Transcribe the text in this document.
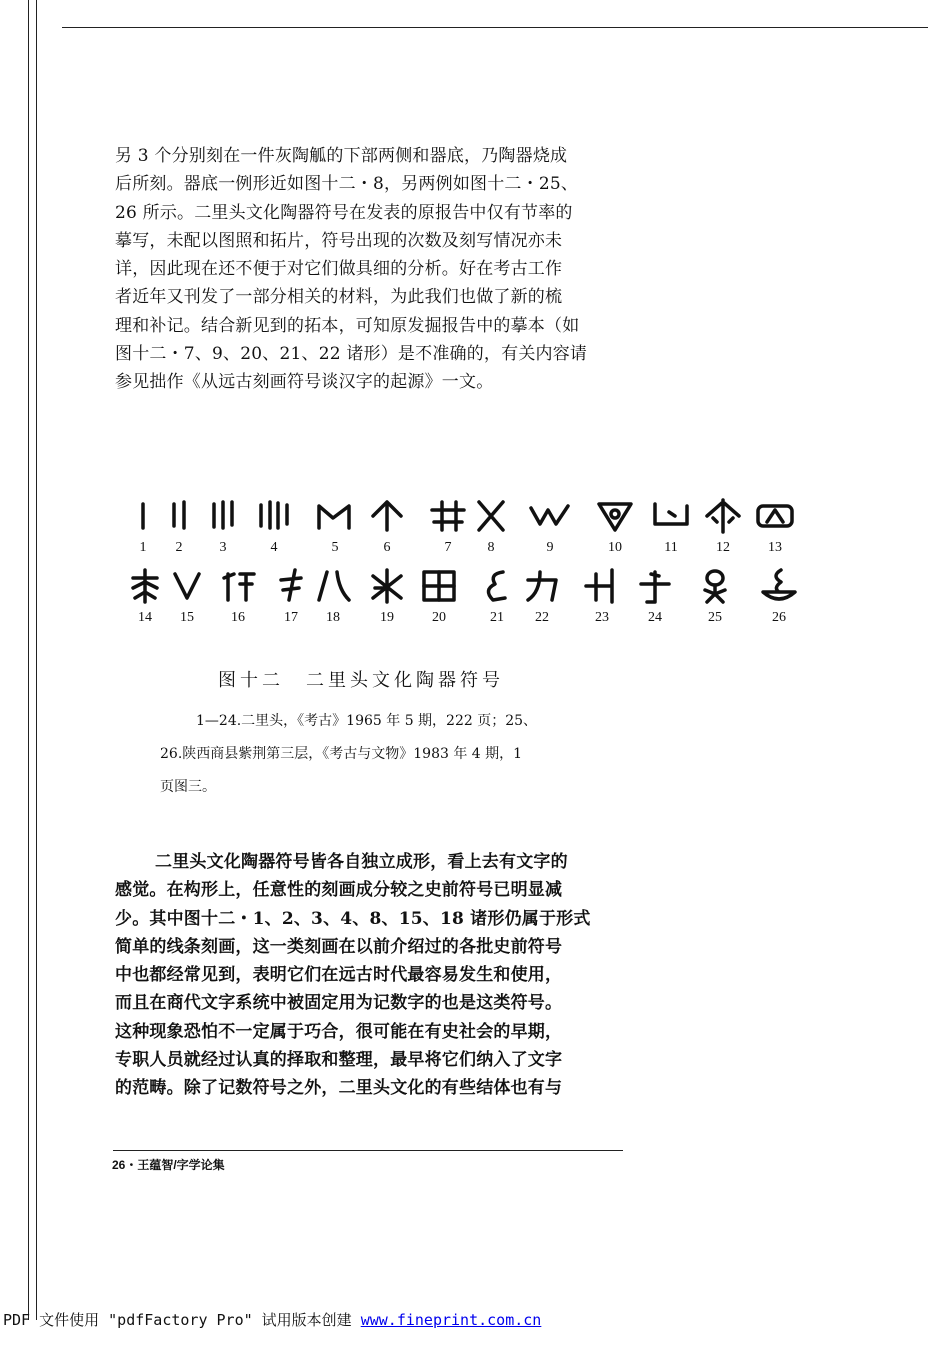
另 3 个分别刻在一件灰陶觚的下部两侧和器底，乃陶器烧成

后所刻。器底一例形近如图十二・8，另两例如图十二・25、

26 所示。二里头文化陶器符号在发表的原报告中仅有节率的

摹写，未配以图照和拓片，符号出现的次数及刻写情况亦未

详，因此现在还不便于对它们做具细的分析。好在考古工作

者近年又刊发了一部分相关的材料，为此我们也做了新的梳

理和补记。结合新见到的拓本，可知原发掘报告中的摹本（如

图十二・7、9、20、21、22 诸形）是不准确的，有关内容请

参见拙作《从远古刻画符号谈汉字的起源》一文。

1	2	3	4	5	6	7	8	9	10	11	12	13
14	15	16	17	18	19	20	21	22	23	24	25	26
图十二　二里头文化陶器符号

1—24.二里头，《考古》1965 年 5 期，222 页；25、

26.陕西商县紫荆第三层，《考古与文物》1983 年 4 期，1

页图三。

二里头文化陶器符号皆各自独立成形，看上去有文字的

感觉。在构形上，任意性的刻画成分较之史前符号已明显减

少。其中图十二・1、2、3、4、8、15、18 诸形仍属于形式

简单的线条刻画，这一类刻画在以前介绍过的各批史前符号

中也都经常见到，表明它们在远古时代最容易发生和使用，

而且在商代文字系统中被固定用为记数字的也是这类符号。

这种现象恐怕不一定属于巧合，很可能在有史社会的早期，

专职人员就经过认真的择取和整理，最早将它们纳入了文字

的范畴。除了记数符号之外，二里头文化的有些结体也有与

26・王蕴智/字学论集
PDF 文件使用 "pdfFactory Pro" 试用版本创建 www.fineprint.com.cn
